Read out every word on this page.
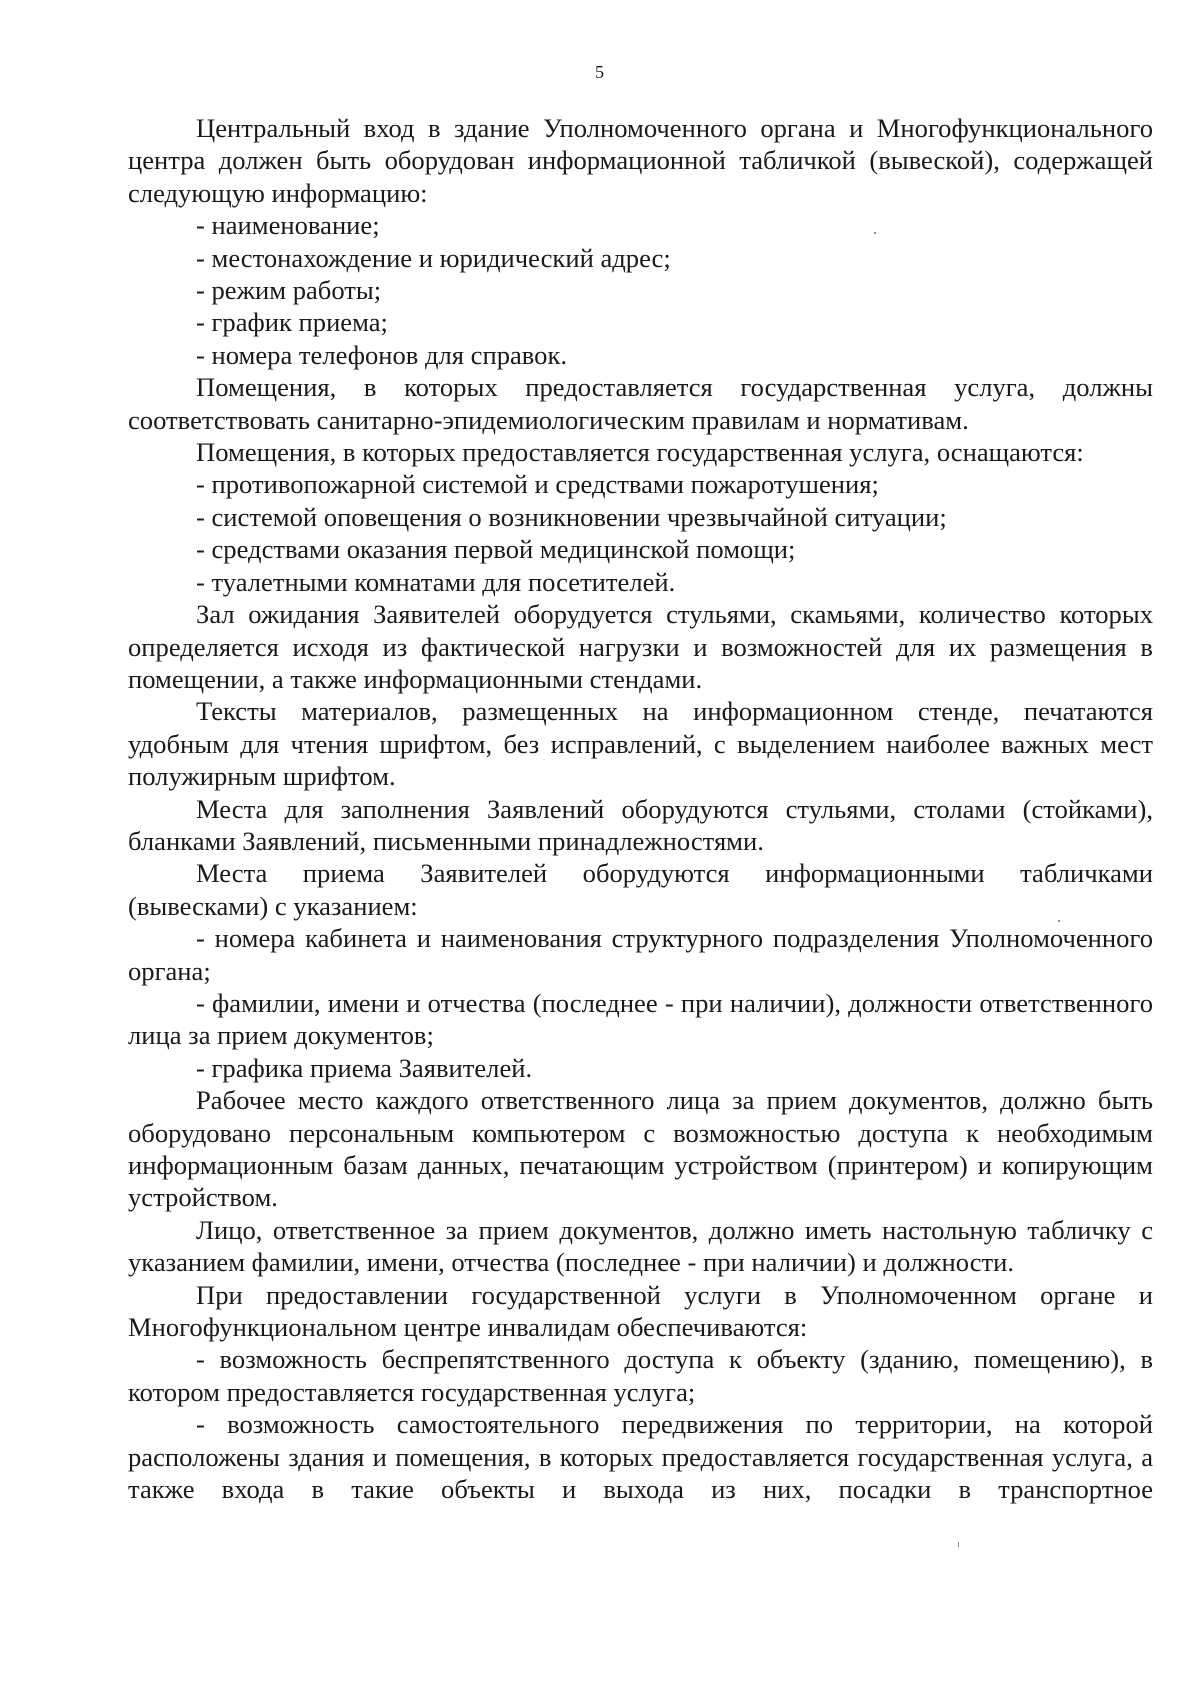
5

Центральный вход в здание Уполномоченного органа и Многофункционального центра должен быть оборудован информационной табличкой (вывеской), содержащей следующую информацию:

- наименование;

- местонахождение и юридический адрес;

- режим работы;

- график приема;

- номера телефонов для справок.

Помещения, в которых предоставляется государственная услуга, должны соответствовать санитарно-эпидемиологическим правилам и нормативам.

Помещения, в которых предоставляется государственная услуга, оснащаются:

- противопожарной системой и средствами пожаротушения;

- системой оповещения о возникновении чрезвычайной ситуации;

- средствами оказания первой медицинской помощи;

- туалетными комнатами для посетителей.

Зал ожидания Заявителей оборудуется стульями, скамьями, количество которых определяется исходя из фактической нагрузки и возможностей для их размещения в помещении, а также информационными стендами.

Тексты материалов, размещенных на информационном стенде, печатаются удобным для чтения шрифтом, без исправлений, с выделением наиболее важных мест полужирным шрифтом.

Места для заполнения Заявлений оборудуются стульями, столами (стойками), бланками Заявлений, письменными принадлежностями.

Места приема Заявителей оборудуются информационными табличками (вывесками) с указанием:

- номера кабинета и наименования структурного подразделения Уполномоченного органа;

- фамилии, имени и отчества (последнее - при наличии), должности ответственного лица за прием документов;

- графика приема Заявителей.

Рабочее место каждого ответственного лица за прием документов, должно быть оборудовано персональным компьютером с возможностью доступа к необходимым информационным базам данных, печатающим устройством (принтером) и копирующим устройством.

Лицо, ответственное за прием документов, должно иметь настольную табличку с указанием фамилии, имени, отчества (последнее - при наличии) и должности.

При предоставлении государственной услуги в Уполномоченном органе и Многофункциональном центре инвалидам обеспечиваются:

- возможность беспрепятственного доступа к объекту (зданию, помещению), в котором предоставляется государственная услуга;

- возможность самостоятельного передвижения по территории, на которой расположены здания и помещения, в которых предоставляется государственная услуга, а также входа в такие объекты и выхода из них, посадки в транспортное
